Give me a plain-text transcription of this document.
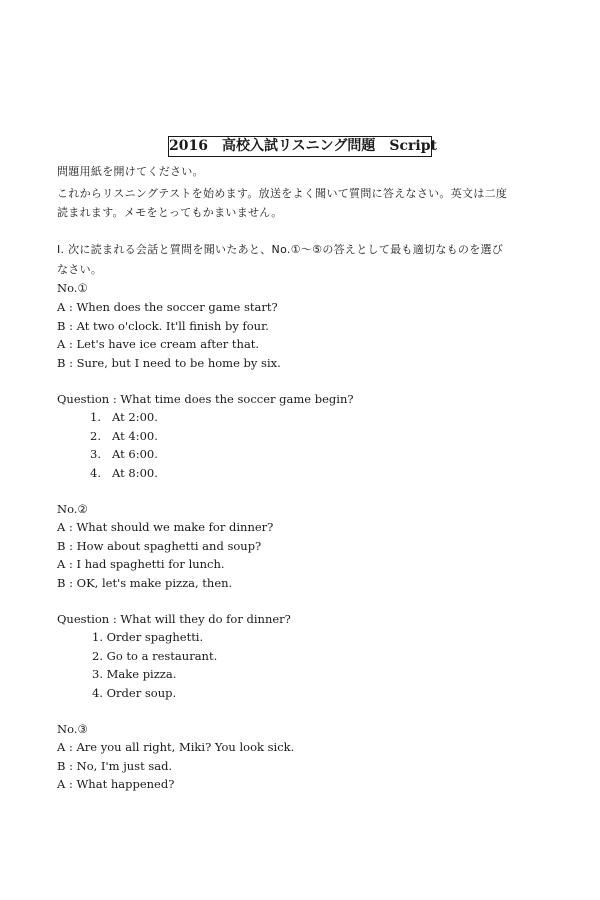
2016　高校入試リスニング問題　Script
問題用紙を開けてください。
これからリスニングテストを始めます。放送をよく聞いて質問に答えなさい。英文は二度
読まれます。メモをとってもかまいません。
Ⅰ. 次に読まれる会話と質問を聞いたあと、No.①〜⑤の答えとして最も適切なものを選び
なさい。
No.①
A : When does the soccer game start?
B : At two o'clock. It'll finish by four.
A : Let's have ice cream after that.
B : Sure, but I need to be home by six.
Question : What time does the soccer game begin?
1. At 2:00.
2. At 4:00.
3. At 6:00.
4. At 8:00.
No.②
A : What should we make for dinner?
B : How about spaghetti and soup?
A : I had spaghetti for lunch.
B : OK, let's make pizza, then.
Question : What will they do for dinner?
1. Order spaghetti.
2. Go to a restaurant.
3. Make pizza.
4. Order soup.
No.③
A : Are you all right, Miki? You look sick.
B : No, I'm just sad.
A : What happened?
